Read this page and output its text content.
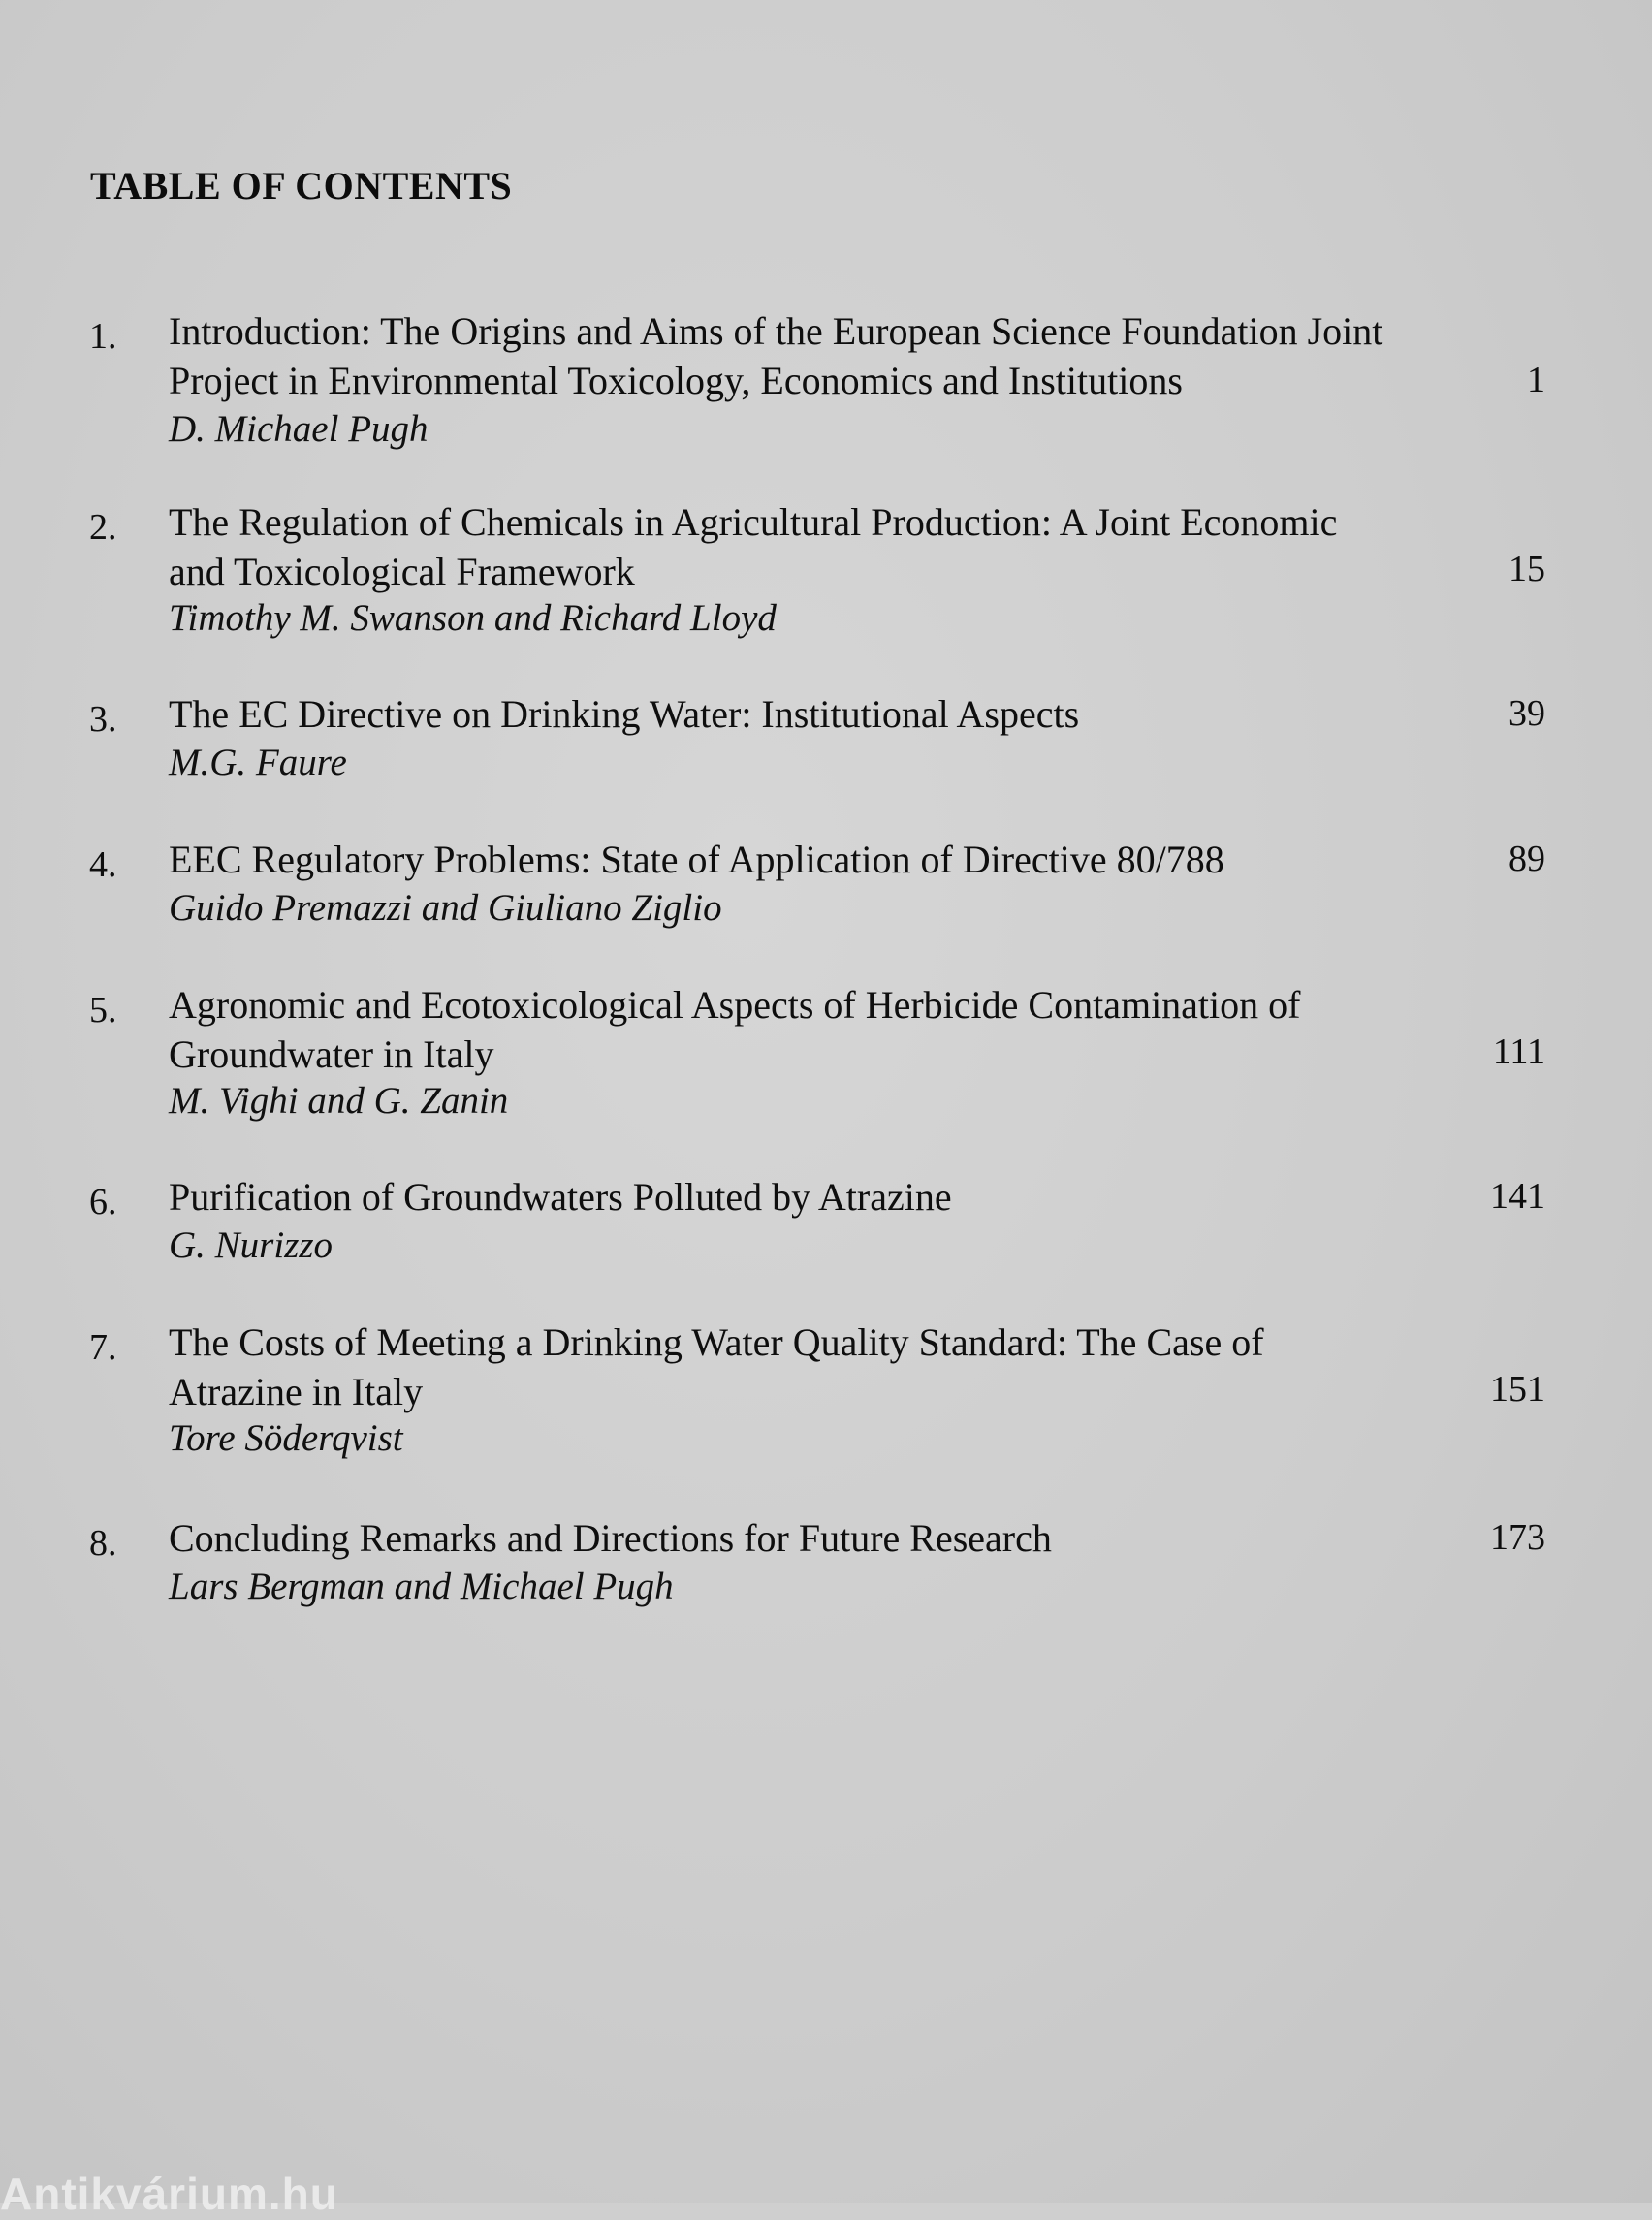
TABLE OF CONTENTS
1. Introduction: The Origins and Aims of the European Science Foundation Joint
Project in Environmental Toxicology, Economics and Institutions
D. Michael Pugh
1
2. The Regulation of Chemicals in Agricultural Production: A Joint Economic
and Toxicological Framework
Timothy M. Swanson and Richard Lloyd
15
3. The EC Directive on Drinking Water: Institutional Aspects
M.G. Faure
39
4. EEC Regulatory Problems: State of Application of Directive 80/788
Guido Premazzi and Giuliano Ziglio
89
5. Agronomic and Ecotoxicological Aspects of Herbicide Contamination of
Groundwater in Italy
M. Vighi and G. Zanin
111
6. Purification of Groundwaters Polluted by Atrazine
G. Nurizzo
141
7. The Costs of Meeting a Drinking Water Quality Standard: The Case of
Atrazine in Italy
Tore Söderqvist
151
8. Concluding Remarks and Directions for Future Research
Lars Bergman and Michael Pugh
173
Antikvárium.hu
